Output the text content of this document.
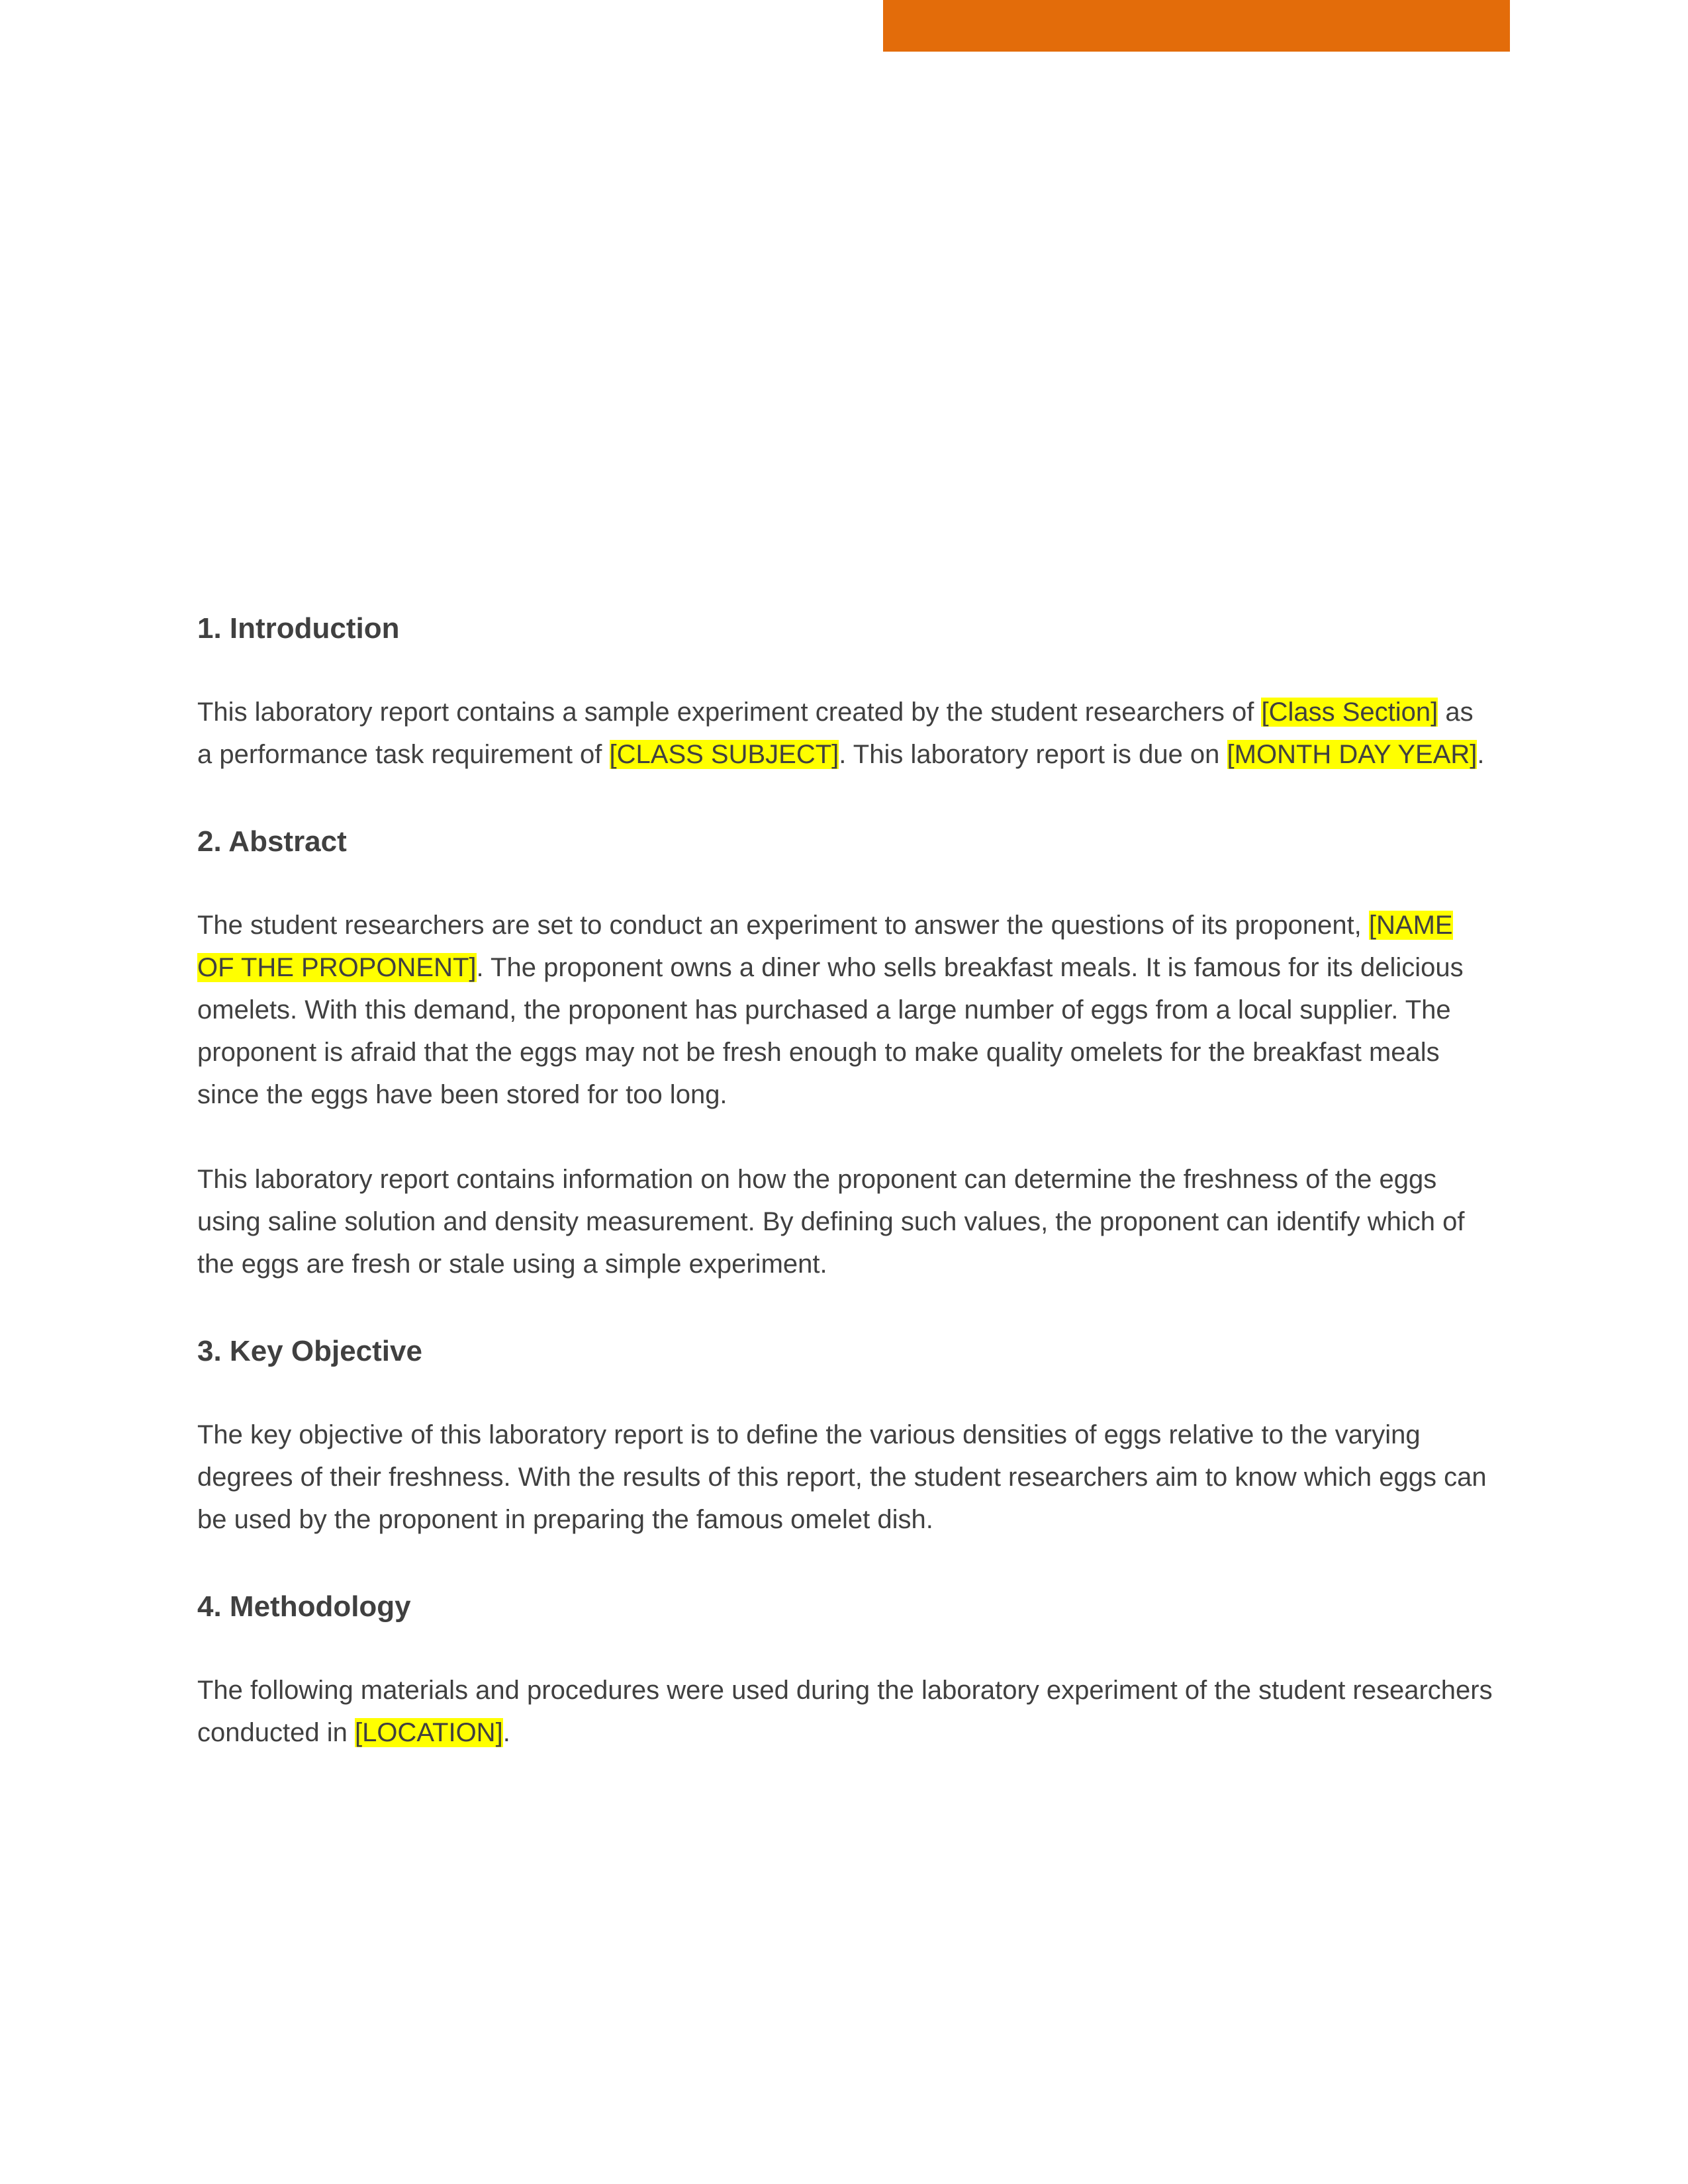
1. Introduction

This laboratory report contains a sample experiment created by the student researchers of [Class Section] as a performance task requirement of [CLASS SUBJECT]. This laboratory report is due on [MONTH DAY YEAR].

2. Abstract

The student researchers are set to conduct an experiment to answer the questions of its proponent, [NAME OF THE PROPONENT]. The proponent owns a diner who sells breakfast meals. It is famous for its delicious omelets. With this demand, the proponent has purchased a large number of eggs from a local supplier. The proponent is afraid that the eggs may not be fresh enough to make quality omelets for the breakfast meals since the eggs have been stored for too long.

This laboratory report contains information on how the proponent can determine the freshness of the eggs using saline solution and density measurement. By defining such values, the proponent can identify which of the eggs are fresh or stale using a simple experiment.

3. Key Objective

The key objective of this laboratory report is to define the various densities of eggs relative to the varying degrees of their freshness. With the results of this report, the student researchers aim to know which eggs can be used by the proponent in preparing the famous omelet dish.

4. Methodology

The following materials and procedures were used during the laboratory experiment of the student researchers conducted in [LOCATION].
